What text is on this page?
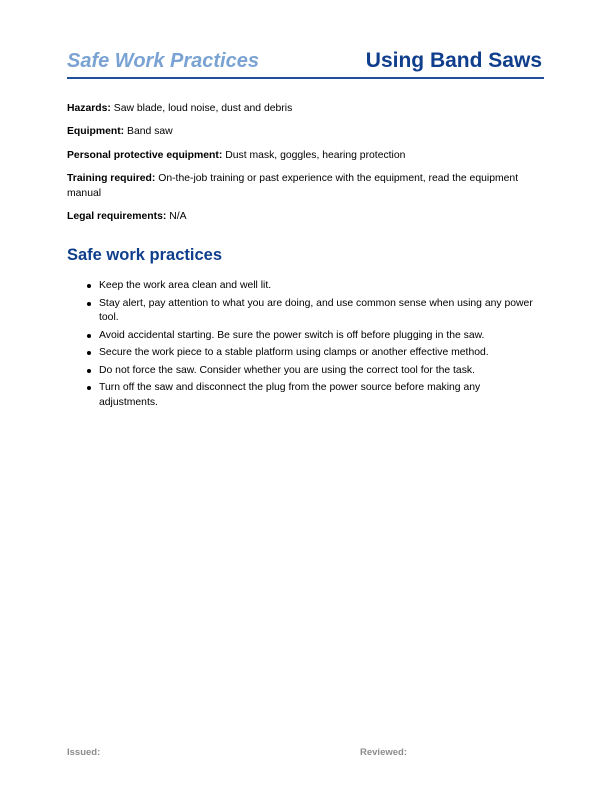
Safe Work Practices	Using Band Saws
Hazards: Saw blade, loud noise, dust and debris
Equipment: Band saw
Personal protective equipment: Dust mask, goggles, hearing protection
Training required: On-the-job training or past experience with the equipment, read the equipment manual
Legal requirements: N/A
Safe work practices
Keep the work area clean and well lit.
Stay alert, pay attention to what you are doing, and use common sense when using any power tool.
Avoid accidental starting. Be sure the power switch is off before plugging in the saw.
Secure the work piece to a stable platform using clamps or another effective method.
Do not force the saw. Consider whether you are using the correct tool for the task.
Turn off the saw and disconnect the plug from the power source before making any adjustments.
Issued:	Reviewed:
